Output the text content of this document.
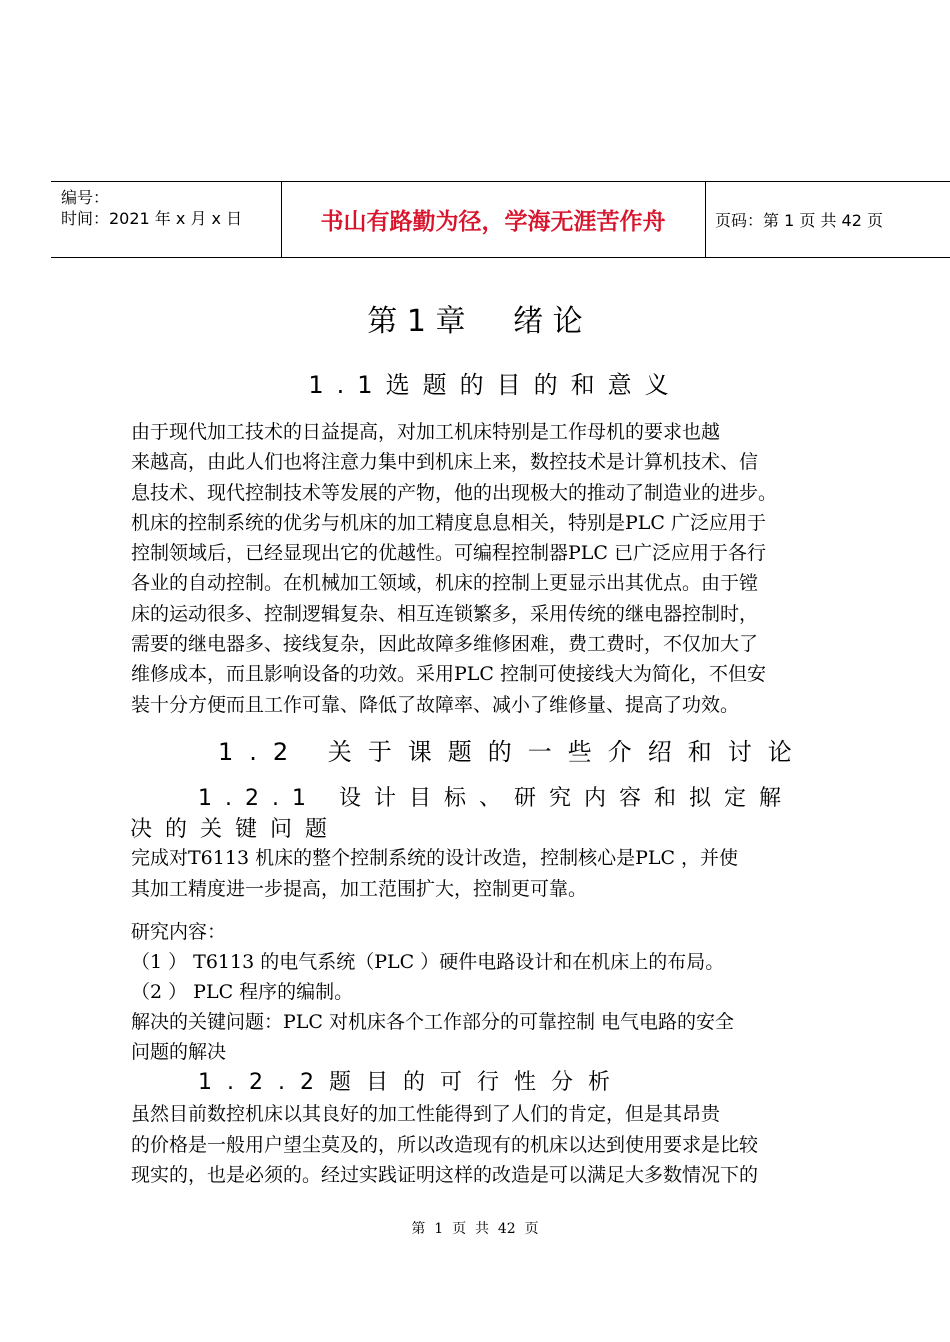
编号：
时间：2021 年 x 月 x 日	书山有路勤为径，学海无涯苦作舟	页码：第 1 页 共 42 页
第 1 章     绪 论
1.1选题的目的和意义
由于现代加工技术的日益提高，对加工机床特别是工作母机的要求也越
来越高，由此人们也将注意力集中到机床上来，数控技术是计算机技术、信
息技术、现代控制技术等发展的产物，他的出现极大的推动了制造业的进步。
机床的控制系统的优劣与机床的加工精度息息相关，特别是PLC 广泛应用于
控制领域后，已经显现出它的优越性。可编程控制器PLC 已广泛应用于各行
各业的自动控制。在机械加工领域，机床的控制上更显示出其优点。由于镗
床的运动很多、控制逻辑复杂、相互连锁繁多，采用传统的继电器控制时，
需要的继电器多、接线复杂，因此故障多维修困难，费工费时，不仅加大了
维修成本，而且影响设备的功效。采用PLC 控制可使接线大为简化，不但安
装十分方便而且工作可靠、降低了故障率、减小了维修量、提高了功效。
1.2 关于课题的一些介绍和讨论
1.2.1 设计目标、研究内容和拟定解
决的关键问题
完成对T6113 机床的整个控制系统的设计改造，控制核心是PLC ，并使
其加工精度进一步提高，加工范围扩大，控制更可靠。
研究内容：
（1 ） T6113 的电气系统（PLC ）硬件电路设计和在机床上的布局。
（2 ） PLC 程序的编制。
解决的关键问题：PLC 对机床各个工作部分的可靠控制 电气电路的安全
问题的解决
1.2.2题目的可行性分析
虽然目前数控机床以其良好的加工性能得到了人们的肯定，但是其昂贵
的价格是一般用户望尘莫及的，所以改造现有的机床以达到使用要求是比较
现实的，也是必须的。经过实践证明这样的改造是可以满足大多数情况下的
第  1  页  共  42  页
